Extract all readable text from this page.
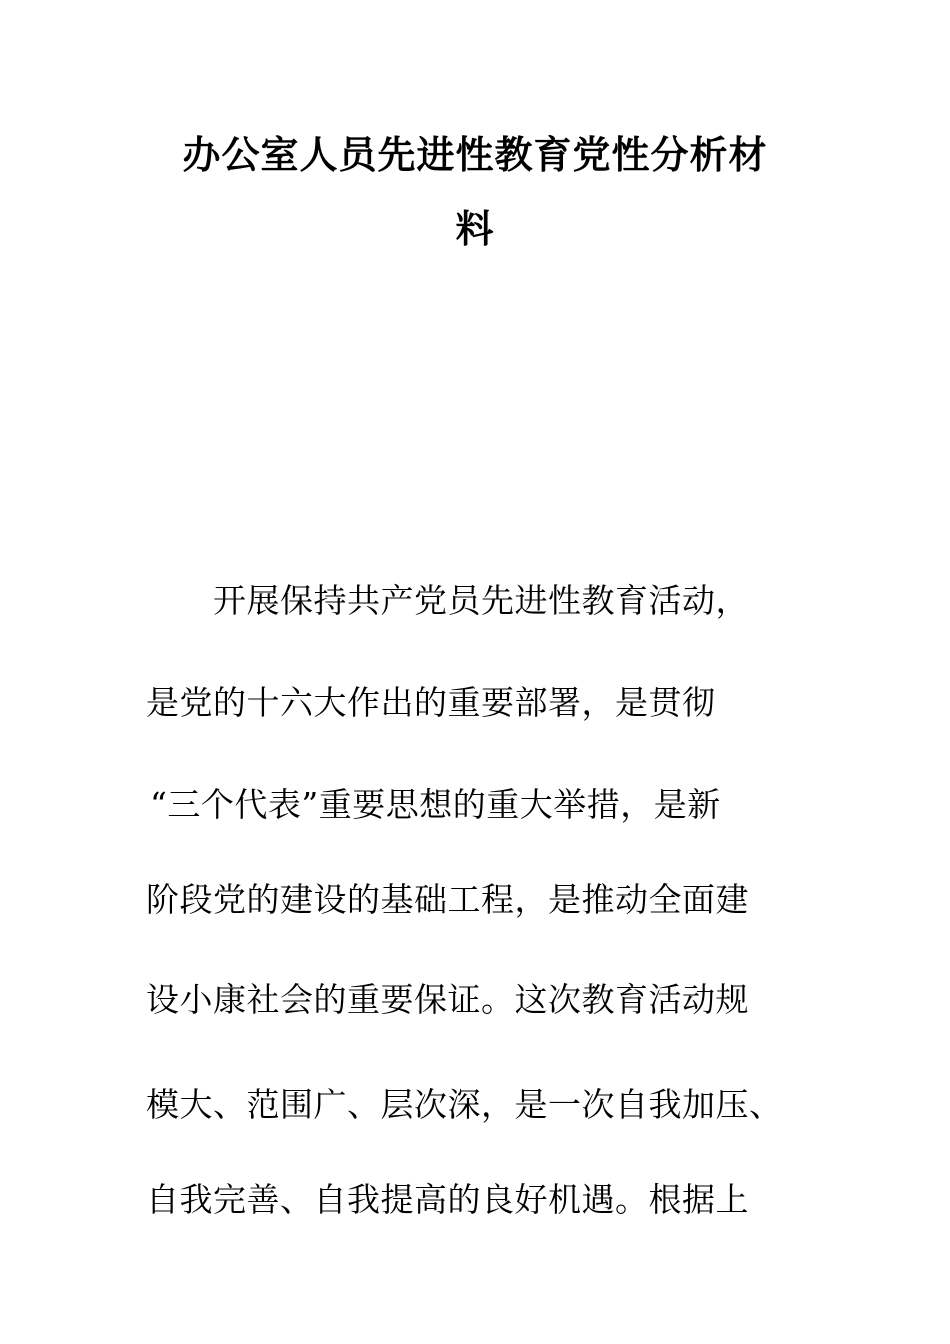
办公室人员先进性教育党性分析材
料
开展保持共产党员先进性教育活动，
是党的十六大作出的重要部署，是贯彻
“三个代表”重要思想的重大举措，是新
阶段党的建设的基础工程，是推动全面建
设小康社会的重要保证。这次教育活动规
模大、范围广、层次深，是一次自我加压、
自我完善、自我提高的良好机遇。根据上
